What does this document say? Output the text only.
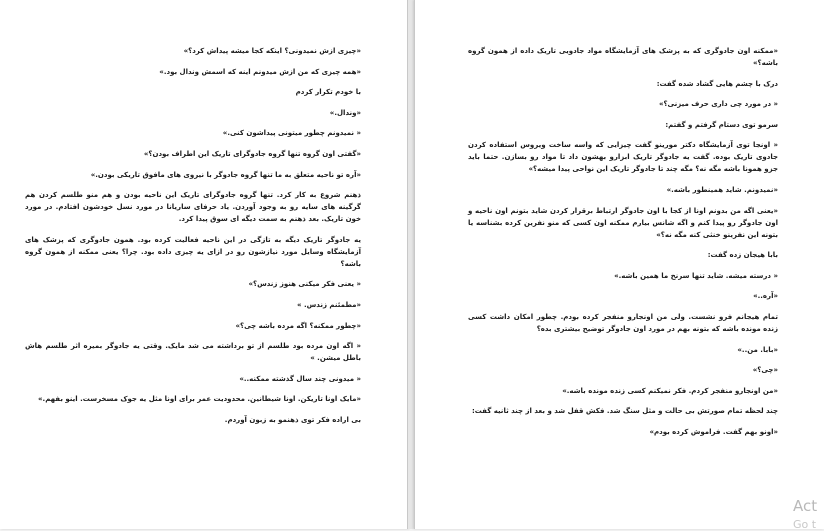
«چیزی ازش نمیدونی؟ اینکه کجا میشه پیداش کرد؟»

«همه چیزی که من ازش میدونم اینه که اسمش وندال بود.»

با خودم تکرار کردم

«وندال.»

« نمیدونم چطور میتونی پیداشون کنی.»

«گفتی اون گروه تنها گروه جادوگرای تاریک این اطراف بودن؟»

«آره تو ناحیه متعلق به ما تنها گروه جادوگر با نیروی های مافوق تاریکی بودن.»

ذهنم شروع به کار کرد. تنها گروه جادوگرای تاریک این ناحیه بودن و هم منو طلسم کردن هم گرگینه های سایه رو به وجود آوردن. یاد حرفای ساریانا در مورد نسل خودشون افتادم. در مورد خون تاریک. بعد ذهنم به سمت دیگه ای سوق پیدا کرد.

یه جادوگر تاریک دیگه به تازگی در این ناحیه فعالیت کرده بود. همون جادوگری که پزشک های آزمایشگاه وسایل مورد نیازشون رو در ازای یه چیزی داده بود. چرا؟ یعنی ممکنه از همون گروه باشه؟

« یعنی فکر میکنی هنوز زندس؟»

«مطمئنم زندس. »

«چطور ممکنه؟ اگه مرده باشه چی؟»

« اگه اون مرده بود طلسم از تو برداشته می شد مایک. وقتی یه جادوگر بمیره اثر طلسم هاش باطل میشن. »

« میدونی چند سال گذشته ممکنه..»

«مایک اونا تاریکن. اونا شیطانین. محدودیت عمر برای اونا مثل یه جوک مسخرست. اینو بفهم.»

بی اراده فکر توی ذهنمو به زبون آوردم.

«ممکنه اون جادوگری که به پزشک های آزمایشگاه مواد جادویی تاریک داده از همون گروه باشه؟»

درک با چشم هایی گشاد شده گفت:

« در مورد چی داری حرف میزنی؟»

سرمو توی دستام گرفتم و گفتم:

« اونجا توی آزمایشگاه دکتر مورینو گفت چیزایی که واسه ساخت ویروس استفاده کردن جادوی تاریک بوده. گفت یه جادوگر تاریک ابزارو بهشون داد تا مواد رو بسازن. حتما باید جزو همونا باشه مگه نه؟ مگه چند تا جادوگر تاریک این نواحی پیدا میشه؟»

«نمیدونم. شاید همینطور باشه.»

«یعنی اگه من بدونم اونا از کجا با اون جادوگر ارتباط برقرار کردن شاید بتونم اون ناحیه و اون جادوگر رو پیدا کنم و اگه شانس بیارم ممکنه اون کسی که منو نفرین کرده بشناسه یا بتونه این نفرینو خنثی کنه مگه نه؟»

بابا هیجان زده گفت:

« درسته میشه. شاید تنها سرنخ ما همین باشه.»

«آره..»

تمام هیجانم فرو نشست. ولی من اونجارو منفجر کرده بودم. چطور امکان داشت کسی زنده مونده باشه که بتونه بهم در مورد اون جادوگر توضیح بیشتری بده؟

«بابا. من..»

«چی؟»

«من اونجارو منفجر کردم. فکر نمیکنم کسی زنده مونده باشه.»

چند لحظه تمام صورتش بی حالت و مثل سنگ شد. فکش قفل شد و بعد از چند ثانیه گفت:

«اونو بهم گفت. فراموش کرده بودم»

Act
Go t
